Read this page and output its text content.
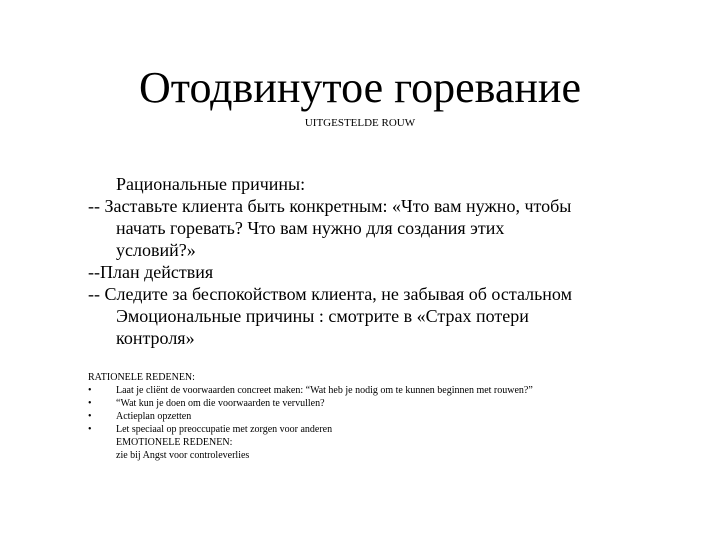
Отодвинутое горевание
UITGESTELDE ROUW
Рациональные причины:
-- Заставьте клиента быть конкретным: «Что вам нужно, чтобы
начать горевать? Что вам нужно для создания этих
условий?»
--План действия
-- Следите за беспокойством клиента, не забывая об остальном
Эмоциональные причины : смотрите в «Страх потери
контроля»
RATIONELE REDENEN:
• Laat je cliënt de voorwaarden concreet maken: “Wat heb je nodig om te kunnen beginnen met rouwen?”
• “Wat kun je doen om die voorwaarden te vervullen?
• Actieplan opzetten
• Let speciaal op preoccupatie met zorgen voor anderen
EMOTIONELE REDENEN:
zie bij Angst voor controleverlies
